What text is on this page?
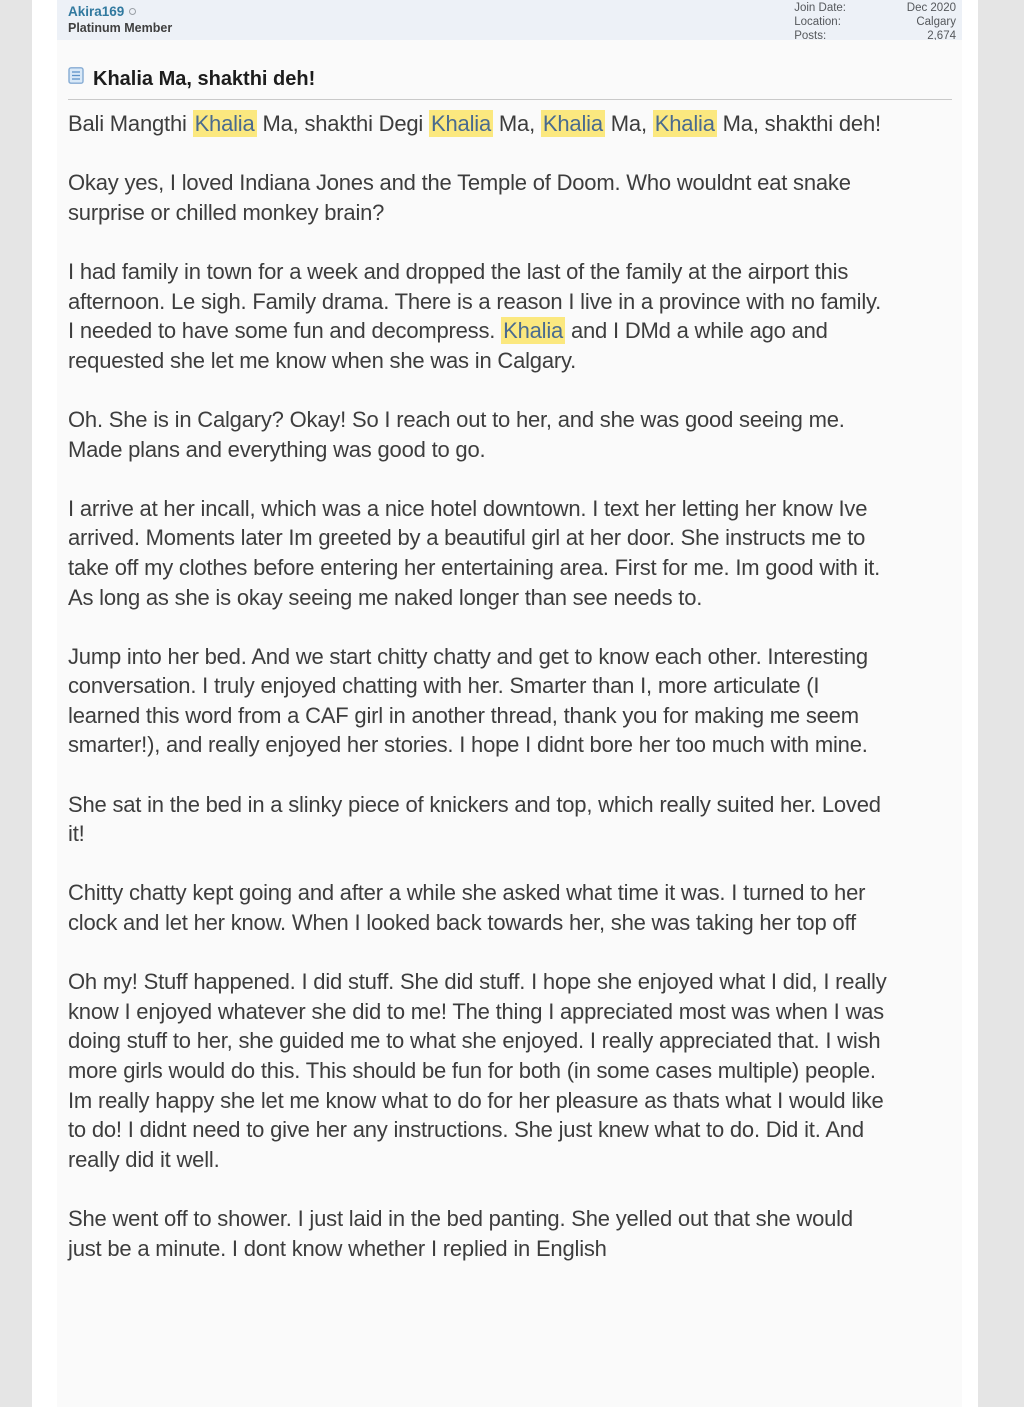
Akira169
Platinum Member
Join Date:	Dec 2020
Location:	Calgary
Posts:	2,674
Khalia Ma, shakthi deh!

Bali Mangthi Khalia Ma, shakthi Degi Khalia Ma, Khalia Ma, Khalia Ma, shakthi deh!

Okay yes, I loved Indiana Jones and the Temple of Doom. Who wouldnt eat snake surprise or chilled monkey brain?

I had family in town for a week and dropped the last of the family at the airport this afternoon. Le sigh. Family drama. There is a reason I live in a province with no family. I needed to have some fun and decompress. Khalia and I DMd a while ago and requested she let me know when she was in Calgary.

Oh. She is in Calgary? Okay! So I reach out to her, and she was good seeing me. Made plans and everything was good to go.

I arrive at her incall, which was a nice hotel downtown. I text her letting her know Ive arrived. Moments later Im greeted by a beautiful girl at her door. She instructs me to take off my clothes before entering her entertaining area. First for me. Im good with it. As long as she is okay seeing me naked longer than see needs to.

Jump into her bed. And we start chitty chatty and get to know each other. Interesting conversation. I truly enjoyed chatting with her. Smarter than I, more articulate (I learned this word from a CAF girl in another thread, thank you for making me seem smarter!), and really enjoyed her stories. I hope I didnt bore her too much with mine.

She sat in the bed in a slinky piece of knickers and top, which really suited her. Loved it!

Chitty chatty kept going and after a while she asked what time it was. I turned to her clock and let her know. When I looked back towards her, she was taking her top off

Oh my! Stuff happened. I did stuff. She did stuff. I hope she enjoyed what I did, I really know I enjoyed whatever she did to me! The thing I appreciated most was when I was doing stuff to her, she guided me to what she enjoyed. I really appreciated that. I wish more girls would do this. This should be fun for both (in some cases multiple) people. Im really happy she let me know what to do for her pleasure as thats what I would like to do! I didnt need to give her any instructions. She just knew what to do. Did it. And really did it well.

She went off to shower. I just laid in the bed panting. She yelled out that she would just be a minute. I dont know whether I replied in English
